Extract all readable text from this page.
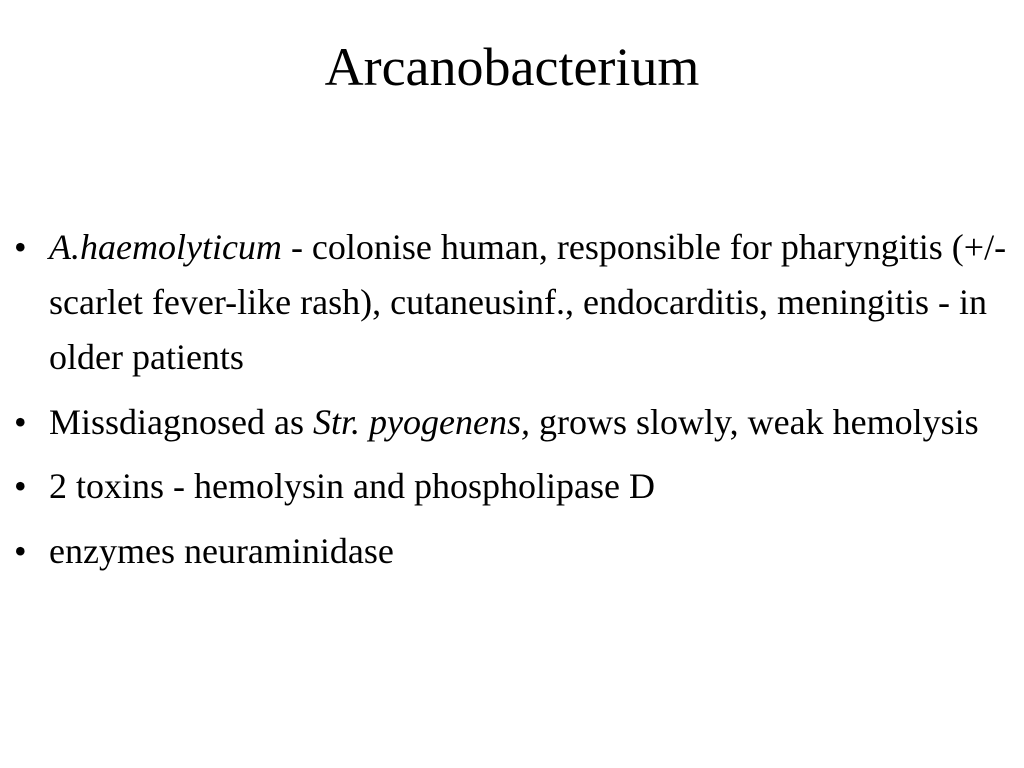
Arcanobacterium
• A.haemolyticum - colonise human, responsible for pharyngitis (+/- scarlet fever-like rash), cutaneusinf., endocarditis, meningitis - in older patients
• Missdiagnosed as Str. pyogenens, grows slowly, weak hemolysis
• 2 toxins - hemolysin and phospholipase D
• enzymes neuraminidase
